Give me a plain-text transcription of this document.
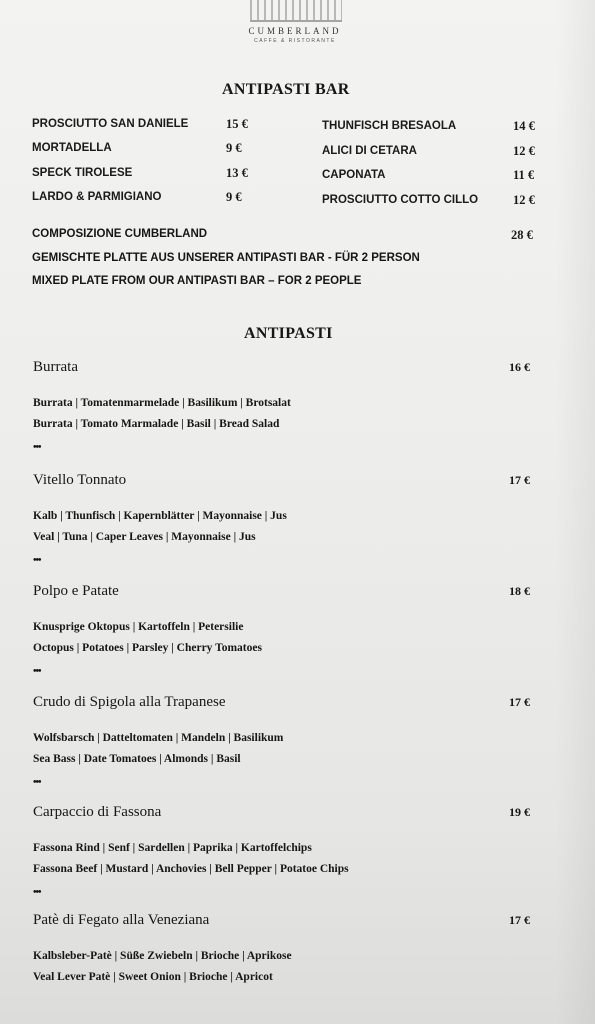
CUMBERLAND
CAFFE & RISTORANTE
ANTIPASTI BAR
PROSCIUTTO SAN DANIELE	15 €
MORTADELLA	9 €
SPECK TIROLESE	13 €
LARDO & PARMIGIANO	9 €
THUNFISCH BRESAOLA	14 €
ALICI DI CETARA	12 €
CAPONATA	11 €
PROSCIUTTO COTTO CILLO	12 €
COMPOSIZIONE CUMBERLAND	28 €
GEMISCHTE PLATTE AUS UNSERER ANTIPASTI BAR - FÜR 2 PERSON
MIXED PLATE FROM OUR ANTIPASTI BAR – FOR 2 PEOPLE
ANTIPASTI
Burrata	16 €
Burrata | Tomatenmarmelade | Basilikum | Brotsalat
Burrata | Tomato Marmalade | Basil | Bread Salad
•••
Vitello Tonnato	17 €
Kalb | Thunfisch | Kapernblätter | Mayonnaise | Jus
Veal | Tuna | Caper Leaves | Mayonnaise | Jus
•••
Polpo e Patate	18 €
Knusprige Oktopus | Kartoffeln | Petersilie
Octopus | Potatoes | Parsley | Cherry Tomatoes
•••
Crudo di Spigola alla Trapanese	17 €
Wolfsbarsch | Datteltomaten | Mandeln | Basilikum
Sea Bass | Date Tomatoes | Almonds | Basil
•••
Carpaccio di Fassona	19 €
Fassona Rind | Senf | Sardellen | Paprika | Kartoffelchips
Fassona Beef | Mustard | Anchovies | Bell Pepper | Potatoe Chips
•••
Patè di Fegato alla Veneziana	17 €
Kalbsleber-Patè | Süße Zwiebeln | Brioche | Aprikose
Veal Lever Patè | Sweet Onion | Brioche | Apricot
